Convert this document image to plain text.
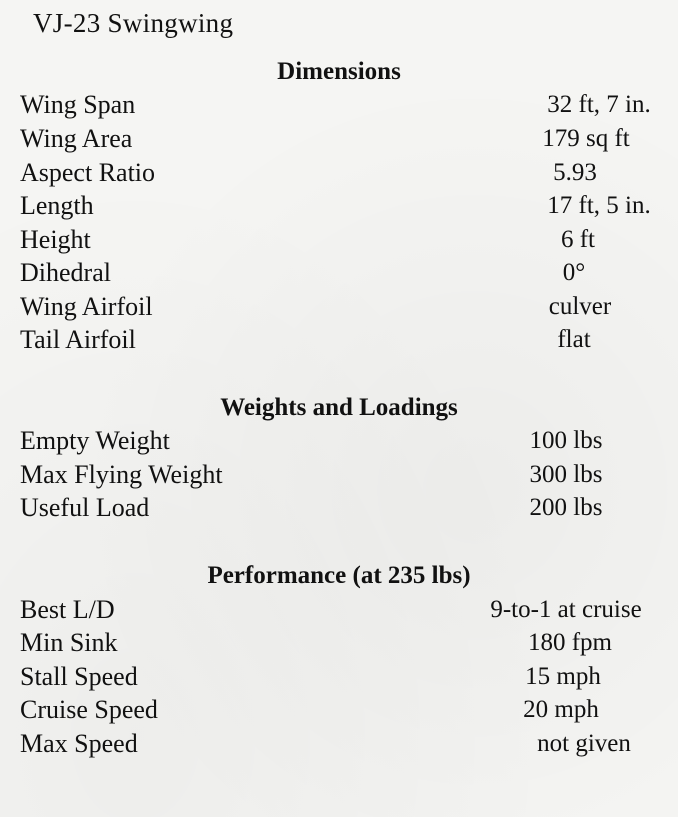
VJ-23 Swingwing
Dimensions
Wing Span	32 ft, 7 in.
Wing Area	179 sq ft
Aspect Ratio	5.93
Length	17 ft, 5 in.
Height	6 ft
Dihedral	0°
Wing Airfoil	culver
Tail Airfoil	flat
Weights and Loadings
Empty Weight	100 lbs
Max Flying Weight	300 lbs
Useful Load	200 lbs
Performance (at 235 lbs)
Best L/D	9-to-1 at cruise
Min Sink	180 fpm
Stall Speed	15 mph
Cruise Speed	20 mph
Max Speed	not given
